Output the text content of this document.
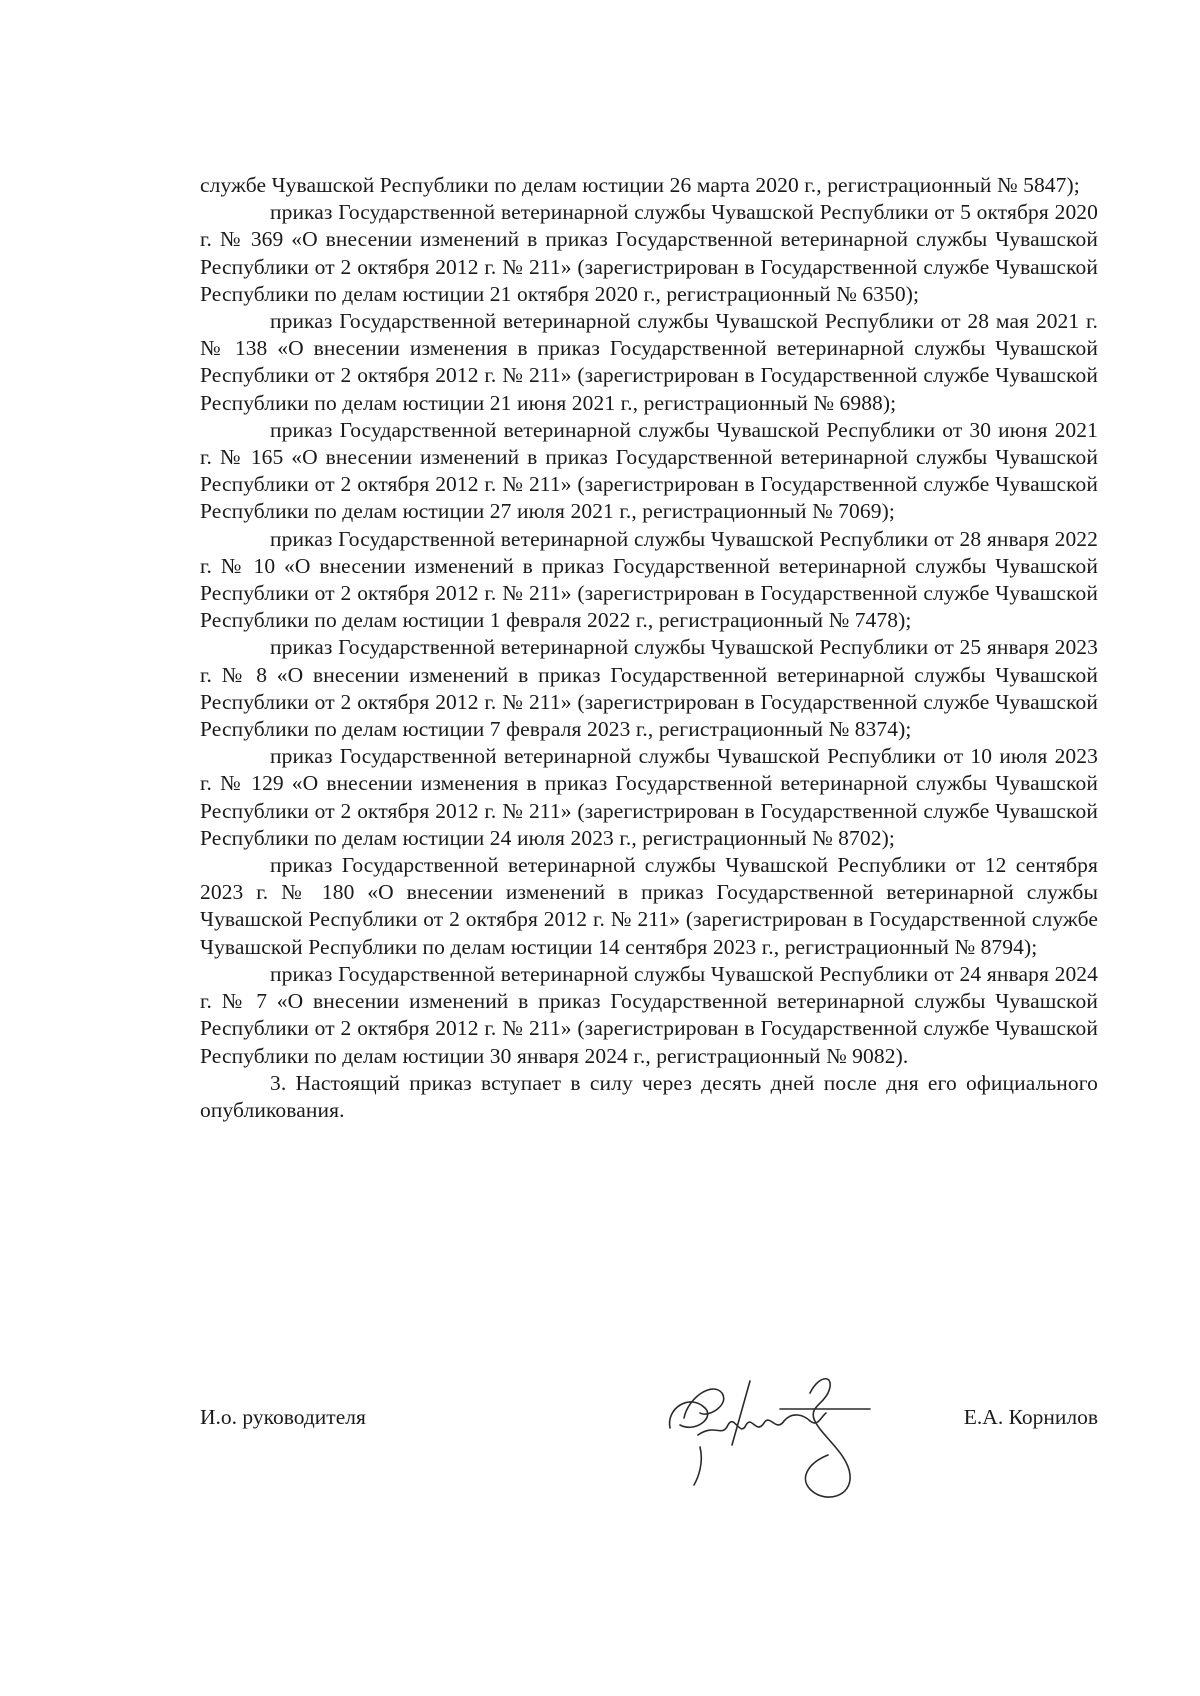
службе Чувашской Республики по делам юстиции 26 марта 2020 г., регистрационный № 5847);

приказ Государственной ветеринарной службы Чувашской Республики от 5 октября 2020 г. № 369 «О внесении изменений в приказ Государственной ветеринарной службы Чувашской Республики от 2 октября 2012 г. № 211» (зарегистрирован в Государственной службе Чувашской Республики по делам юстиции 21 октября 2020 г., регистрационный № 6350);

приказ Государственной ветеринарной службы Чувашской Республики от 28 мая 2021 г. № 138 «О внесении изменения в приказ Государственной ветеринарной службы Чувашской Республики от 2 октября 2012 г. № 211» (зарегистрирован в Государственной службе Чувашской Республики по делам юстиции 21 июня 2021 г., регистрационный № 6988);

приказ Государственной ветеринарной службы Чувашской Республики от 30 июня 2021 г. № 165 «О внесении изменений в приказ Государственной ветеринарной службы Чувашской Республики от 2 октября 2012 г. № 211» (зарегистрирован в Государственной службе Чувашской Республики по делам юстиции 27 июля 2021 г., регистрационный № 7069);

приказ Государственной ветеринарной службы Чувашской Республики от 28 января 2022 г. № 10 «О внесении изменений в приказ Государственной ветеринарной службы Чувашской Республики от 2 октября 2012 г. № 211» (зарегистрирован в Государственной службе Чувашской Республики по делам юстиции 1 февраля 2022 г., регистрационный № 7478);

приказ Государственной ветеринарной службы Чувашской Республики от 25 января 2023 г. № 8 «О внесении изменений в приказ Государственной ветеринарной службы Чувашской Республики от 2 октября 2012 г. № 211» (зарегистрирован в Государственной службе Чувашской Республики по делам юстиции 7 февраля 2023 г., регистрационный № 8374);

приказ Государственной ветеринарной службы Чувашской Республики от 10 июля 2023 г. № 129 «О внесении изменения в приказ Государственной ветеринарной службы Чувашской Республики от 2 октября 2012 г. № 211» (зарегистрирован в Государственной службе Чувашской Республики по делам юстиции 24 июля 2023 г., регистрационный № 8702);

приказ Государственной ветеринарной службы Чувашской Республики от 12 сентября 2023 г. № 180 «О внесении изменений в приказ Государственной ветеринарной службы Чувашской Республики от 2 октября 2012 г. № 211» (зарегистрирован в Государственной службе Чувашской Республики по делам юстиции 14 сентября 2023 г., регистрационный № 8794);

приказ Государственной ветеринарной службы Чувашской Республики от 24 января 2024 г. № 7 «О внесении изменений в приказ Государственной ветеринарной службы Чувашской Республики от 2 октября 2012 г. № 211» (зарегистрирован в Государственной службе Чувашской Республики по делам юстиции 30 января 2024 г., регистрационный № 9082).

3. Настоящий приказ вступает в силу через десять дней после дня его официального опубликования.

И.о. руководителя	Е.А. Корнилов
